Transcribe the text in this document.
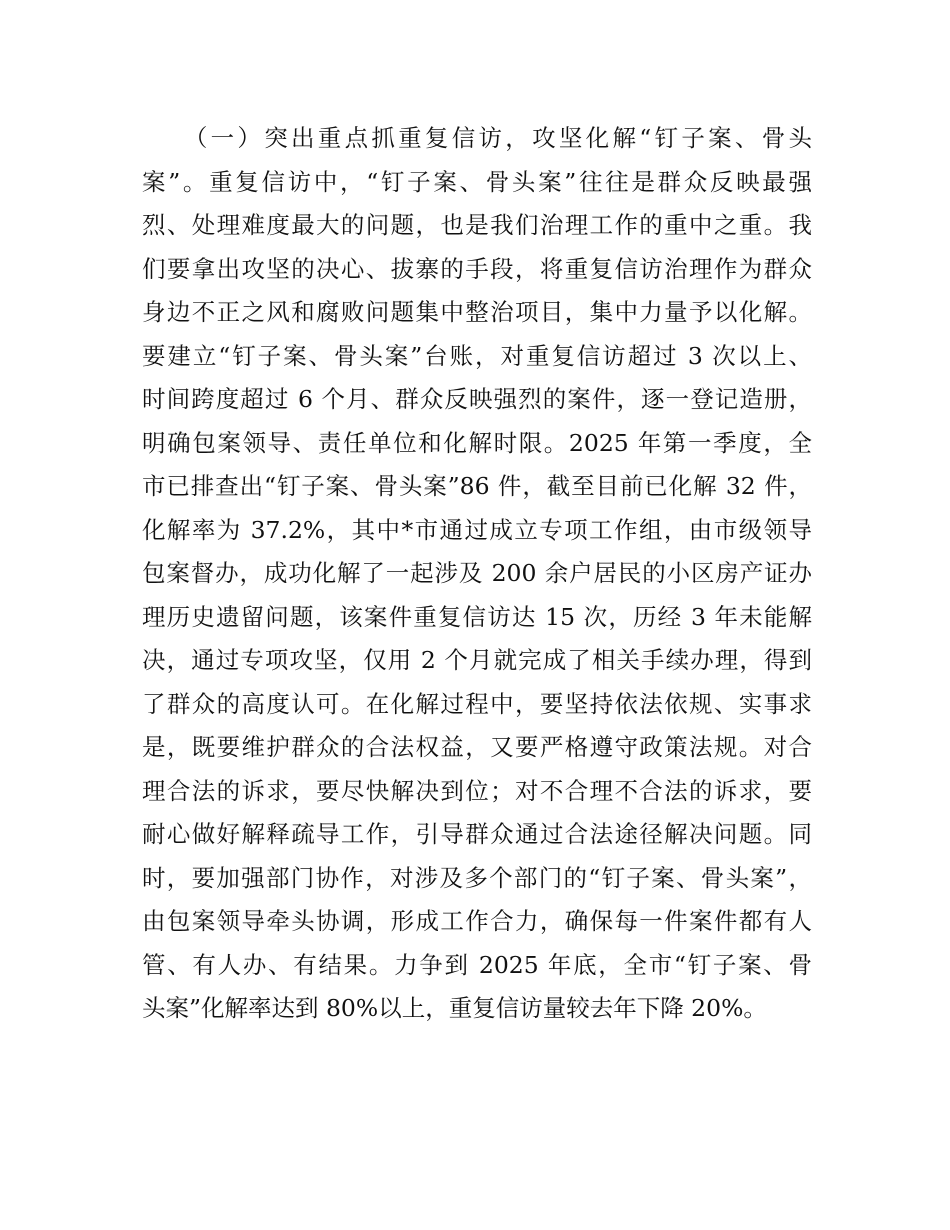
　　（一）突出重点抓重复信访，攻坚化解“钉子案、骨头
案”。重复信访中，“钉子案、骨头案”往往是群众反映最强
烈、处理难度最大的问题，也是我们治理工作的重中之重。我
们要拿出攻坚的决心、拔寨的手段，将重复信访治理作为群众
身边不正之风和腐败问题集中整治项目，集中力量予以化解。
要建立“钉子案、骨头案”台账，对重复信访超过 3 次以上、
时间跨度超过 6 个月、群众反映强烈的案件，逐一登记造册，
明确包案领导、责任单位和化解时限。2025 年第一季度，全
市已排查出“钉子案、骨头案”86 件，截至目前已化解 32 件，
化解率为 37.2%，其中*市通过成立专项工作组，由市级领导
包案督办，成功化解了一起涉及 200 余户居民的小区房产证办
理历史遗留问题，该案件重复信访达 15 次，历经 3 年未能解
决，通过专项攻坚，仅用 2 个月就完成了相关手续办理，得到
了群众的高度认可。在化解过程中，要坚持依法依规、实事求
是，既要维护群众的合法权益，又要严格遵守政策法规。对合
理合法的诉求，要尽快解决到位；对不合理不合法的诉求，要
耐心做好解释疏导工作，引导群众通过合法途径解决问题。同
时，要加强部门协作，对涉及多个部门的“钉子案、骨头案”，
由包案领导牵头协调，形成工作合力，确保每一件案件都有人
管、有人办、有结果。力争到 2025 年底，全市“钉子案、骨
头案”化解率达到 80%以上，重复信访量较去年下降 20%。
